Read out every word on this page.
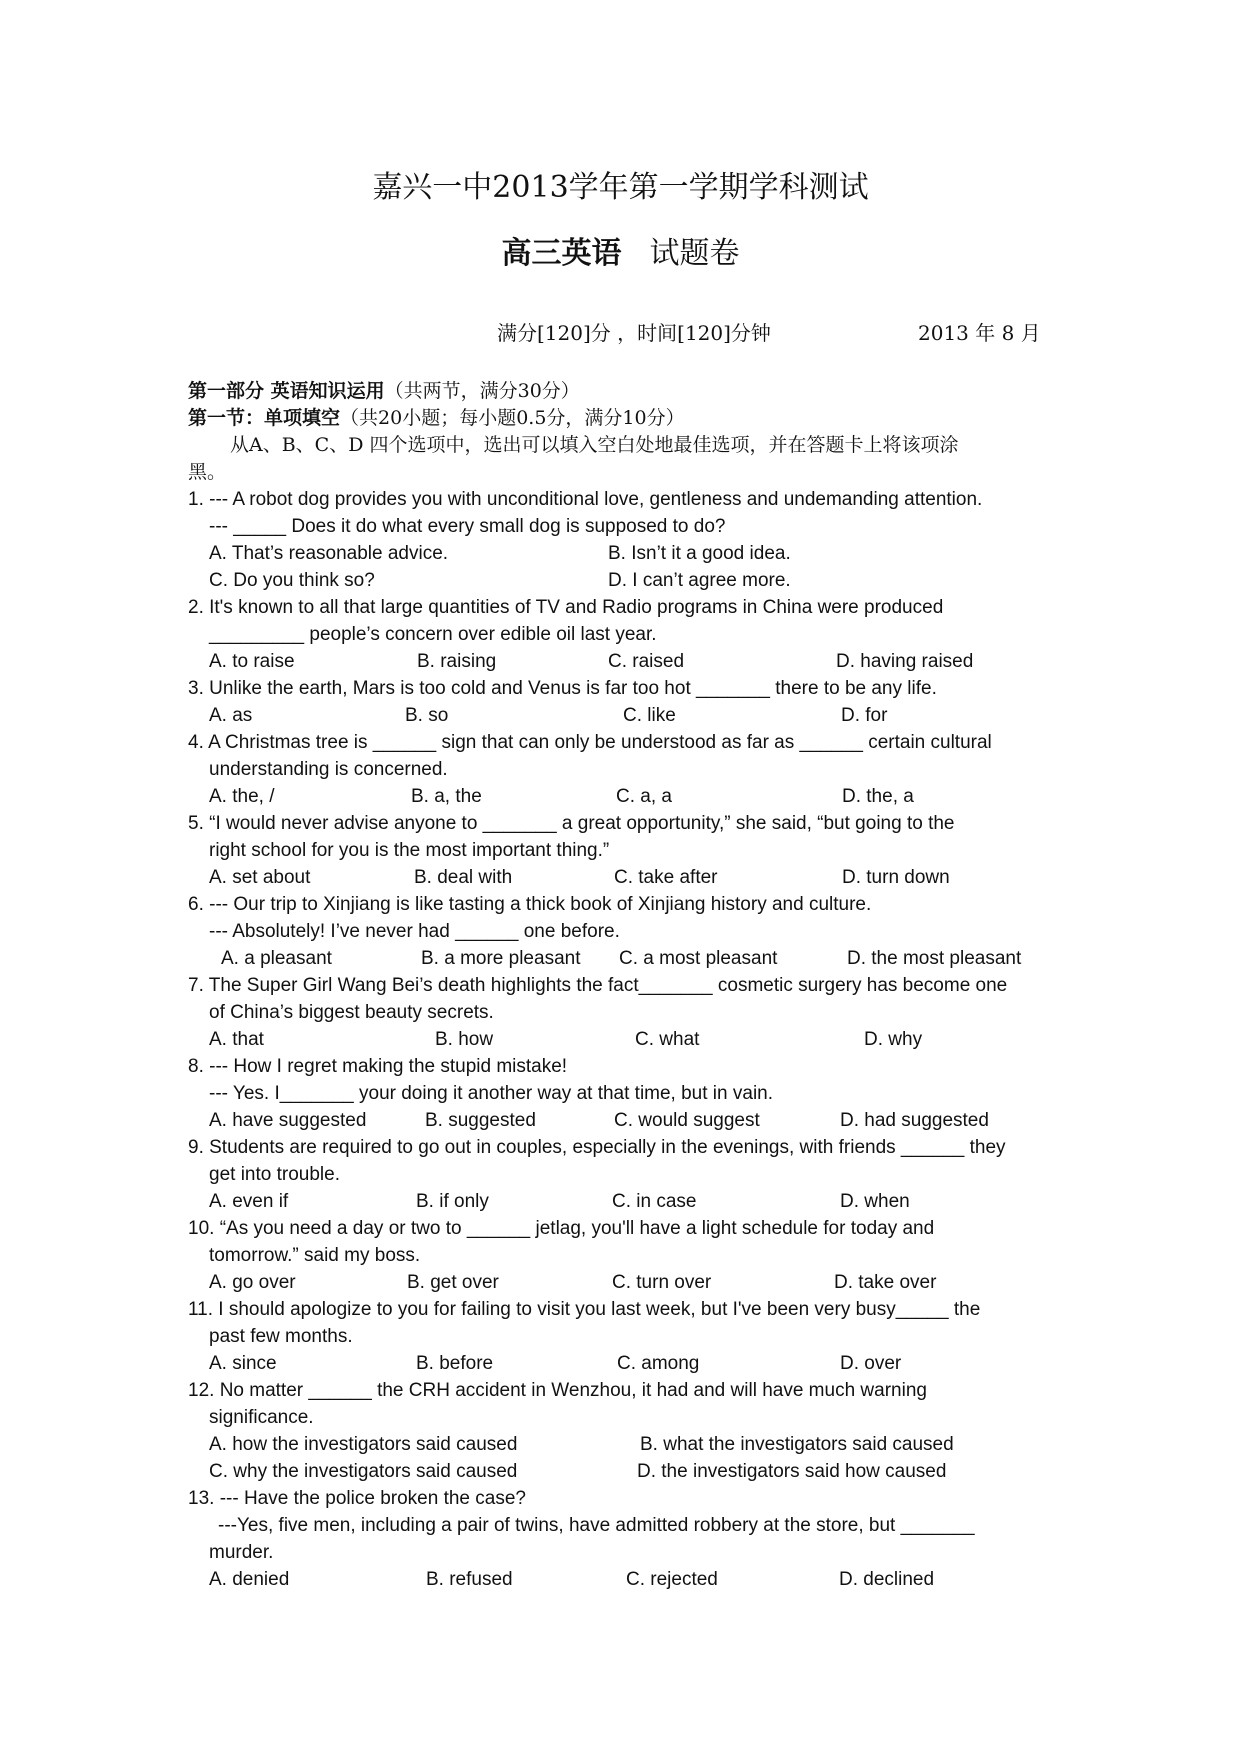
嘉兴一中2013学年第一学期学科测试
高三英语 试题卷
满分[120]分 ，时间[120]分钟	2013 年 8 月
第一部分 英语知识运用（共两节，满分30分）
第一节：单项填空（共20小题；每小题0.5分，满分10分）
从A、B、C、D 四个选项中，选出可以填入空白处地最佳选项，并在答题卡上将该项涂
黑。
1. --- A robot dog provides you with unconditional love, gentleness and undemanding attention.
--- _____ Does it do what every small dog is supposed to do?
A. That’s reasonable advice.	B. Isn’t it a good idea.
C. Do you think so?	D. I can’t agree more.
2. It's known to all that large quantities of TV and Radio programs in China were produced
_________ people’s concern over edible oil last year.
A. to raise	B. raising	C. raised	D. having raised
3. Unlike the earth, Mars is too cold and Venus is far too hot _______ there to be any life.
A. as	B. so	C. like	D. for
4. A Christmas tree is ______ sign that can only be understood as far as ______ certain cultural
understanding is concerned.
A. the, /	B. a, the	C. a, a	D. the, a
5. “I would never advise anyone to _______ a great opportunity,” she said, “but going to the
right school for you is the most important thing.”
A. set about	B. deal with	C. take after	D. turn down
6. --- Our trip to Xinjiang is like tasting a thick book of Xinjiang history and culture.
--- Absolutely! I’ve never had ______ one before.
A. a pleasant	B. a more pleasant C. a most pleasant	D. the most pleasant
7. The Super Girl Wang Bei’s death highlights the fact_______ cosmetic surgery has become one
of China’s biggest beauty secrets.
A. that	B. how	C. what	D. why
8. --- How I regret making the stupid mistake!
--- Yes. I_______ your doing it another way at that time, but in vain.
A. have suggested	B. suggested	C. would suggest	D. had suggested
9. Students are required to go out in couples, especially in the evenings, with friends ______ they
get into trouble.
A. even if	B. if only	C. in case	D. when
10. “As you need a day or two to ______ jetlag, you'll have a light schedule for today and
tomorrow.” said my boss.
A. go over	B. get over	C. turn over	D. take over
11. I should apologize to you for failing to visit you last week, but I've been very busy_____ the
past few months.
A. since	B. before	C. among	D. over
12. No matter ______ the CRH accident in Wenzhou, it had and will have much warning
significance.
A. how the investigators said caused	B. what the investigators said caused
C. why the investigators said caused	D. the investigators said how caused
13. --- Have the police broken the case?
---Yes, five men, including a pair of twins, have admitted robbery at the store, but _______
murder.
A. denied	B. refused	C. rejected	D. declined
